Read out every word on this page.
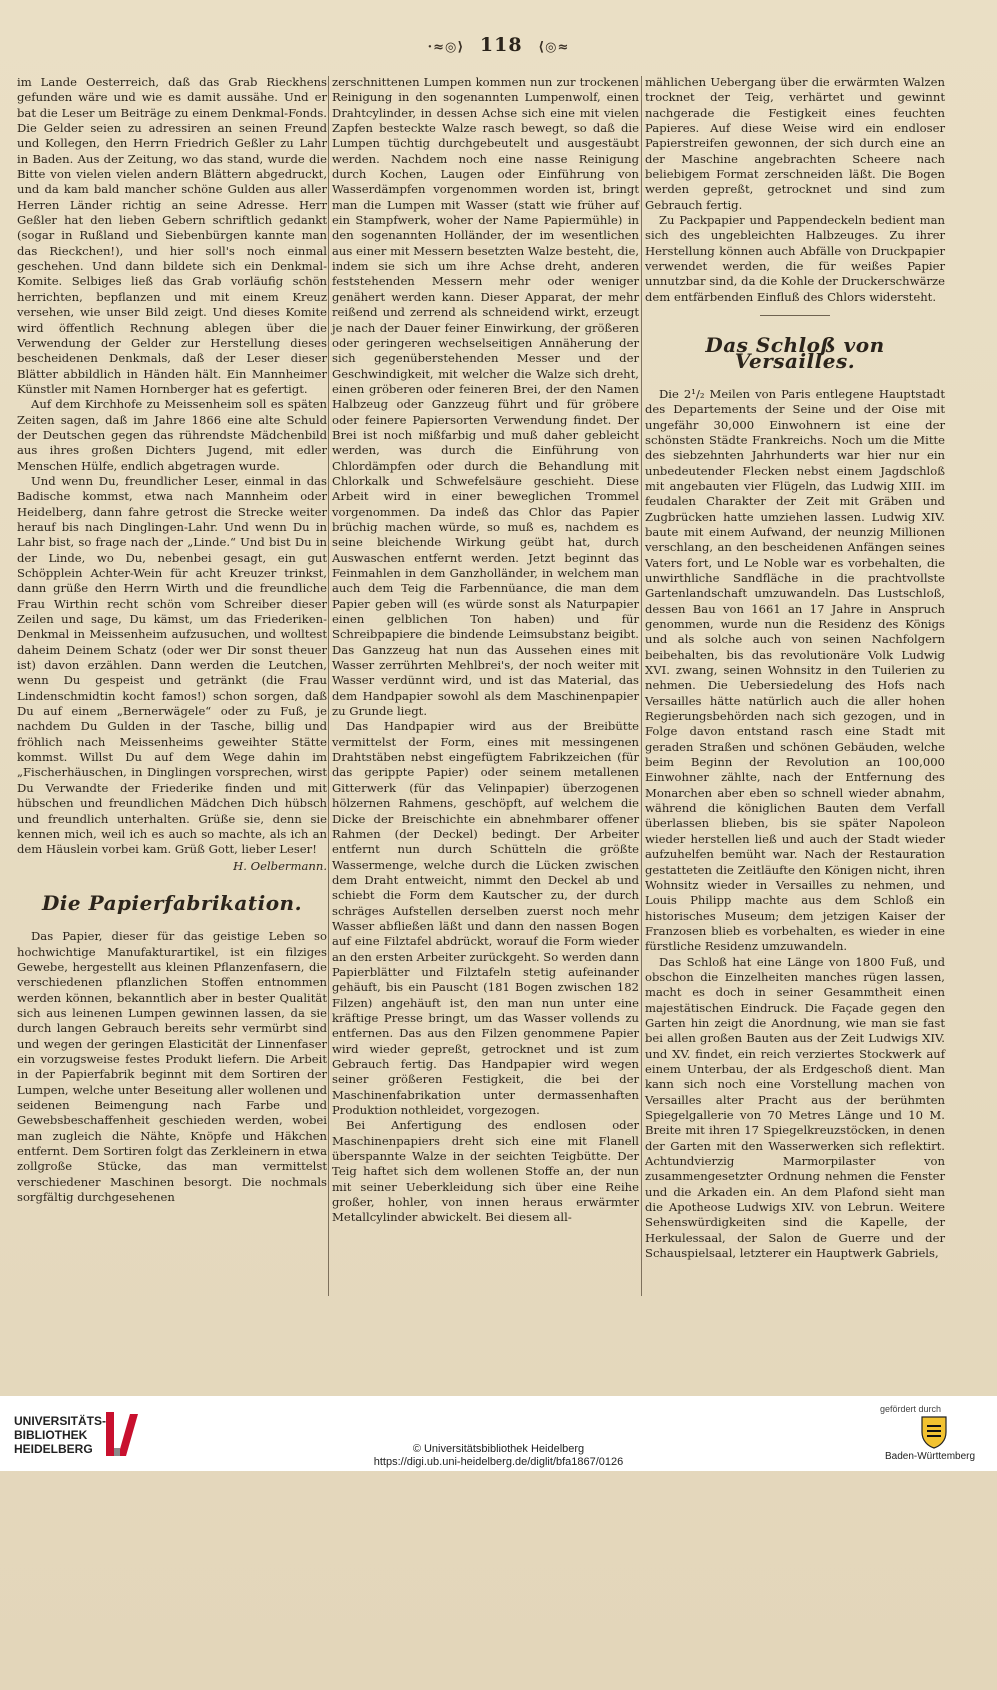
·≈◎⟩ 118 ⟨◎≈

im Lande Oesterreich, daß das Grab Rieckhens gefunden wäre und wie es damit aussähe. Und er bat die Leser um Beiträge zu einem Denkmal-Fonds. Die Gelder seien zu adressiren an seinen Freund und Kollegen, den Herrn Friedrich Geßler zu Lahr in Baden. Aus der Zeitung, wo das stand, wurde die Bitte von vielen vielen andern Blättern abgedruckt, und da kam bald mancher schöne Gulden aus aller Herren Länder richtig an seine Adresse. Herr Geßler hat den lieben Gebern schriftlich gedankt (sogar in Rußland und Siebenbürgen kannte man das Rieckchen!), und hier soll's noch einmal geschehen. Und dann bildete sich ein Denkmal-Komite. Selbiges ließ das Grab vorläufig schön herrichten, bepflanzen und mit einem Kreuz versehen, wie unser Bild zeigt. Und dieses Komite wird öffentlich Rechnung ablegen über die Verwendung der Gelder zur Herstellung dieses bescheidenen Denkmals, daß der Leser dieser Blätter abbildlich in Händen hält. Ein Mannheimer Künstler mit Namen Hornberger hat es gefertigt.

Auf dem Kirchhofe zu Meissenheim soll es späten Zeiten sagen, daß im Jahre 1866 eine alte Schuld der Deutschen gegen das rührendste Mädchenbild aus ihres großen Dichters Jugend, mit edler Menschen Hülfe, endlich abgetragen wurde.

Und wenn Du, freundlicher Leser, einmal in das Badische kommst, etwa nach Mannheim oder Heidelberg, dann fahre getrost die Strecke weiter herauf bis nach Dinglingen-Lahr. Und wenn Du in Lahr bist, so frage nach der „Linde.“ Und bist Du in der Linde, wo Du, nebenbei gesagt, ein gut Schöpplein Achter-Wein für acht Kreuzer trinkst, dann grüße den Herrn Wirth und die freundliche Frau Wirthin recht schön vom Schreiber dieser Zeilen und sage, Du kämst, um das Friederiken-Denkmal in Meissenheim aufzusuchen, und wolltest daheim Deinem Schatz (oder wer Dir sonst theuer ist) davon erzählen. Dann werden die Leutchen, wenn Du gespeist und getränkt (die Frau Lindenschmidtin kocht famos!) schon sorgen, daß Du auf einem „Bernerwägele“ oder zu Fuß, je nachdem Du Gulden in der Tasche, billig und fröhlich nach Meissenheims geweihter Stätte kommst. Willst Du auf dem Wege dahin im „Fischerhäuschen, in Dinglingen vorsprechen, wirst Du Verwandte der Friederike finden und mit hübschen und freundlichen Mädchen Dich hübsch und freundlich unterhalten. Grüße sie, denn sie kennen mich, weil ich es auch so machte, als ich an dem Häuslein vorbei kam. Grüß Gott, lieber Leser!

H. Oelbermann.
Die Papierfabrikation.

Das Papier, dieser für das geistige Leben so hochwichtige Manufakturartikel, ist ein filziges Gewebe, hergestellt aus kleinen Pflanzenfasern, die verschiedenen pflanzlichen Stoffen entnommen werden können, bekanntlich aber in bester Qualität sich aus leinenen Lumpen gewinnen lassen, da sie durch langen Gebrauch bereits sehr vermürbt sind und wegen der geringen Elasticität der Linnenfaser ein vorzugsweise festes Produkt liefern. Die Arbeit in der Papierfabrik beginnt mit dem Sortiren der Lumpen, welche unter Beseitung aller wollenen und seidenen Beimengung nach Farbe und Gewebsbeschaffenheit geschieden werden, wobei man zugleich die Nähte, Knöpfe und Häkchen entfernt. Dem Sortiren folgt das Zerkleinern in etwa zollgroße Stücke, das man vermittelst verschiedener Maschinen besorgt. Die nochmals sorgfältig durchgesehenen

zerschnittenen Lumpen kommen nun zur trockenen Reinigung in den sogenannten Lumpenwolf, einen Drahtcylinder, in dessen Achse sich eine mit vielen Zapfen besteckte Walze rasch bewegt, so daß die Lumpen tüchtig durchgebeutelt und ausgestäubt werden. Nachdem noch eine nasse Reinigung durch Kochen, Laugen oder Einführung von Wasserdämpfen vorgenommen worden ist, bringt man die Lumpen mit Wasser (statt wie früher auf ein Stampfwerk, woher der Name Papiermühle) in den sogenannten Holländer, der im wesentlichen aus einer mit Messern besetzten Walze besteht, die, indem sie sich um ihre Achse dreht, anderen feststehenden Messern mehr oder weniger genähert werden kann. Dieser Apparat, der mehr reißend und zerrend als schneidend wirkt, erzeugt je nach der Dauer feiner Einwirkung, der größeren oder geringeren wechselseitigen Annäherung der sich gegenüberstehenden Messer und der Geschwindigkeit, mit welcher die Walze sich dreht, einen gröberen oder feineren Brei, der den Namen Halbzeug oder Ganzzeug führt und für gröbere oder feinere Papiersorten Verwendung findet. Der Brei ist noch mißfarbig und muß daher gebleicht werden, was durch die Einführung von Chlordämpfen oder durch die Behandlung mit Chlorkalk und Schwefelsäure geschieht. Diese Arbeit wird in einer beweglichen Trommel vorgenommen. Da indeß das Chlor das Papier brüchig machen würde, so muß es, nachdem es seine bleichende Wirkung geübt hat, durch Auswaschen entfernt werden. Jetzt beginnt das Feinmahlen in dem Ganzholländer, in welchem man auch dem Teig die Farbennüance, die man dem Papier geben will (es würde sonst als Naturpapier einen gelblichen Ton haben) und für Schreibpapiere die bindende Leimsubstanz beigibt. Das Ganzzeug hat nun das Aussehen eines mit Wasser zerrührten Mehlbrei's, der noch weiter mit Wasser verdünnt wird, und ist das Material, das dem Handpapier sowohl als dem Maschinenpapier zu Grunde liegt.

Das Handpapier wird aus der Breibütte vermittelst der Form, eines mit messingenen Drahtstäben nebst eingefügtem Fabrikzeichen (für das gerippte Papier) oder seinem metallenen Gitterwerk (für das Velinpapier) überzogenen hölzernen Rahmens, geschöpft, auf welchem die Dicke der Breischichte ein abnehmbarer offener Rahmen (der Deckel) bedingt. Der Arbeiter entfernt nun durch Schütteln die größte Wassermenge, welche durch die Lücken zwischen dem Draht entweicht, nimmt den Deckel ab und schiebt die Form dem Kautscher zu, der durch schräges Aufstellen derselben zuerst noch mehr Wasser abfließen läßt und dann den nassen Bogen auf eine Filztafel abdrückt, worauf die Form wieder an den ersten Arbeiter zurückgeht. So werden dann Papierblätter und Filztafeln stetig aufeinander gehäuft, bis ein Pauscht (181 Bogen zwischen 182 Filzen) angehäuft ist, den man nun unter eine kräftige Presse bringt, um das Wasser vollends zu entfernen. Das aus den Filzen genommene Papier wird wieder gepreßt, getrocknet und ist zum Gebrauch fertig. Das Handpapier wird wegen seiner größeren Festigkeit, die bei der Maschinenfabrikation unter dermassenhaften Produktion nothleidet, vorgezogen.

Bei Anfertigung des endlosen oder Maschinenpapiers dreht sich eine mit Flanell überspannte Walze in der seichten Teigbütte. Der Teig haftet sich dem wollenen Stoffe an, der nun mit seiner Ueberkleidung sich über eine Reihe großer, hohler, von innen heraus erwärmter Metallcylinder abwickelt. Bei diesem all-

mählichen Uebergang über die erwärmten Walzen trocknet der Teig, verhärtet und gewinnt nachgerade die Festigkeit eines feuchten Papieres. Auf diese Weise wird ein endloser Papierstreifen gewonnen, der sich durch eine an der Maschine angebrachten Scheere nach beliebigem Format zerschneiden läßt. Die Bogen werden gepreßt, getrocknet und sind zum Gebrauch fertig.

Zu Packpapier und Pappendeckeln bedient man sich des ungebleichten Halbzeuges. Zu ihrer Herstellung können auch Abfälle von Druckpapier verwendet werden, die für weißes Papier unnutzbar sind, da die Kohle der Druckerschwärze dem entfärbenden Einfluß des Chlors widersteht.

Das Schloß von Versailles.

Die 2¹/₂ Meilen von Paris entlegene Hauptstadt des Departements der Seine und der Oise mit ungefähr 30,000 Einwohnern ist eine der schönsten Städte Frankreichs. Noch um die Mitte des siebzehnten Jahrhunderts war hier nur ein unbedeutender Flecken nebst einem Jagdschloß mit angebauten vier Flügeln, das Ludwig XIII. im feudalen Charakter der Zeit mit Gräben und Zugbrücken hatte umziehen lassen. Ludwig XIV. baute mit einem Aufwand, der neunzig Millionen verschlang, an den bescheidenen Anfängen seines Vaters fort, und Le Noble war es vorbehalten, die unwirthliche Sandfläche in die prachtvollste Gartenlandschaft umzuwandeln. Das Lustschloß, dessen Bau von 1661 an 17 Jahre in Anspruch genommen, wurde nun die Residenz des Königs und als solche auch von seinen Nachfolgern beibehalten, bis das revolutionäre Volk Ludwig XVI. zwang, seinen Wohnsitz in den Tuilerien zu nehmen. Die Uebersiedelung des Hofs nach Versailles hätte natürlich auch die aller hohen Regierungsbehörden nach sich gezogen, und in Folge davon entstand rasch eine Stadt mit geraden Straßen und schönen Gebäuden, welche beim Beginn der Revolution an 100,000 Einwohner zählte, nach der Entfernung des Monarchen aber eben so schnell wieder abnahm, während die königlichen Bauten dem Verfall überlassen blieben, bis sie später Napoleon wieder herstellen ließ und auch der Stadt wieder aufzuhelfen bemüht war. Nach der Restauration gestatteten die Zeitläufte den Königen nicht, ihren Wohnsitz wieder in Versailles zu nehmen, und Louis Philipp machte aus dem Schloß ein historisches Museum; dem jetzigen Kaiser der Franzosen blieb es vorbehalten, es wieder in eine fürstliche Residenz umzuwandeln.

Das Schloß hat eine Länge von 1800 Fuß, und obschon die Einzelheiten manches rügen lassen, macht es doch in seiner Gesammtheit einen majestätischen Eindruck. Die Façade gegen den Garten hin zeigt die Anordnung, wie man sie fast bei allen großen Bauten aus der Zeit Ludwigs XIV. und XV. findet, ein reich verziertes Stockwerk auf einem Unterbau, der als Erdgeschoß dient. Man kann sich noch eine Vorstellung machen von Versailles alter Pracht aus der berühmten Spiegelgallerie von 70 Metres Länge und 10 M. Breite mit ihren 17 Spiegelkreuzstöcken, in denen der Garten mit den Wasserwerken sich reflektirt. Achtundvierzig Marmorpilaster von zusammengesetzter Ordnung nehmen die Fenster und die Arkaden ein. An dem Plafond sieht man die Apotheose Ludwigs XIV. von Lebrun. Weitere Sehenswürdigkeiten sind die Kapelle, der Herkulessaal, der Salon de Guerre und der Schauspielsaal, letzterer ein Hauptwerk Gabriels,

UNIVERSITÄTS-
BIBLIOTHEK
HEIDELBERG	© Universitätsbibliothek Heidelberg
https://digi.ub.uni-heidelberg.de/diglit/bfa1867/0126
gefördert durch
Baden-Württemberg
